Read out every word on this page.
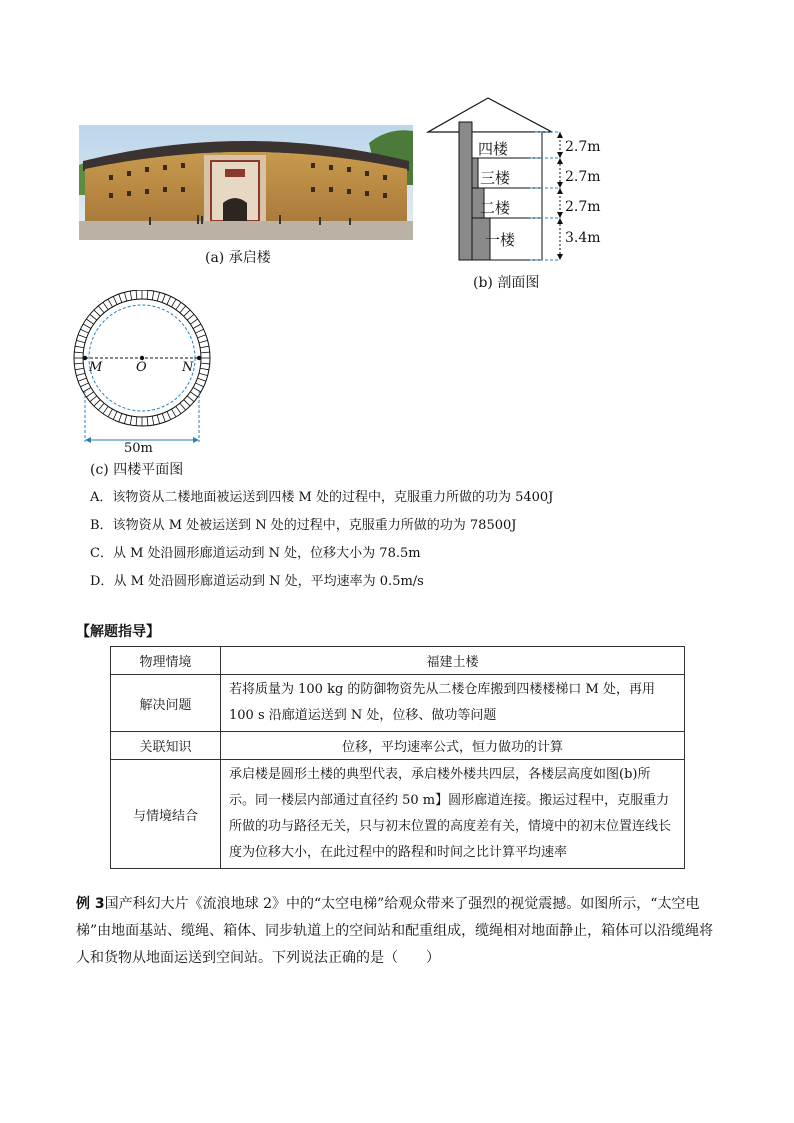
(a) 承启楼
四楼
三楼
二楼
一楼
2.7m
2.7m
2.7m
3.4m
(b) 剖面图
M	O	N
50m
(c) 四楼平面图
A．该物资从二楼地面被运送到四楼 M 处的过程中，克服重力所做的功为 5400J
B．该物资从 M 处被运送到 N 处的过程中，克服重力所做的功为 78500J
C．从 M 处沿圆形廊道运动到 N 处，位移大小为 78.5m
D．从 M 处沿圆形廊道运动到 N 处，平均速率为 0.5m/s
【解题指导】
物理情境	福建土楼
解决问题	若将质量为 100 kg 的防御物资先从二楼仓库搬到四楼楼梯口 M 处，再用 100 s 沿廊道运送到 N 处，位移、做功等问题
关联知识	位移，平均速率公式，恒力做功的计算
与情境结合	承启楼是圆形土楼的典型代表，承启楼外楼共四层，各楼层高度如图(b)所示。同一楼层内部通过直径约 50 m】圆形廊道连接。搬运过程中，克服重力所做的功与路径无关，只与初末位置的高度差有关，情境中的初末位置连线长度为位移大小，在此过程中的路程和时间之比计算平均速率
例 3国产科幻大片《流浪地球 2》中的“太空电梯”给观众带来了强烈的视觉震撼。如图所示，“太空电梯”由地面基站、缆绳、箱体、同步轨道上的空间站和配重组成，缆绳相对地面静止，箱体可以沿缆绳将人和货物从地面运送到空间站。下列说法正确的是（　　）
